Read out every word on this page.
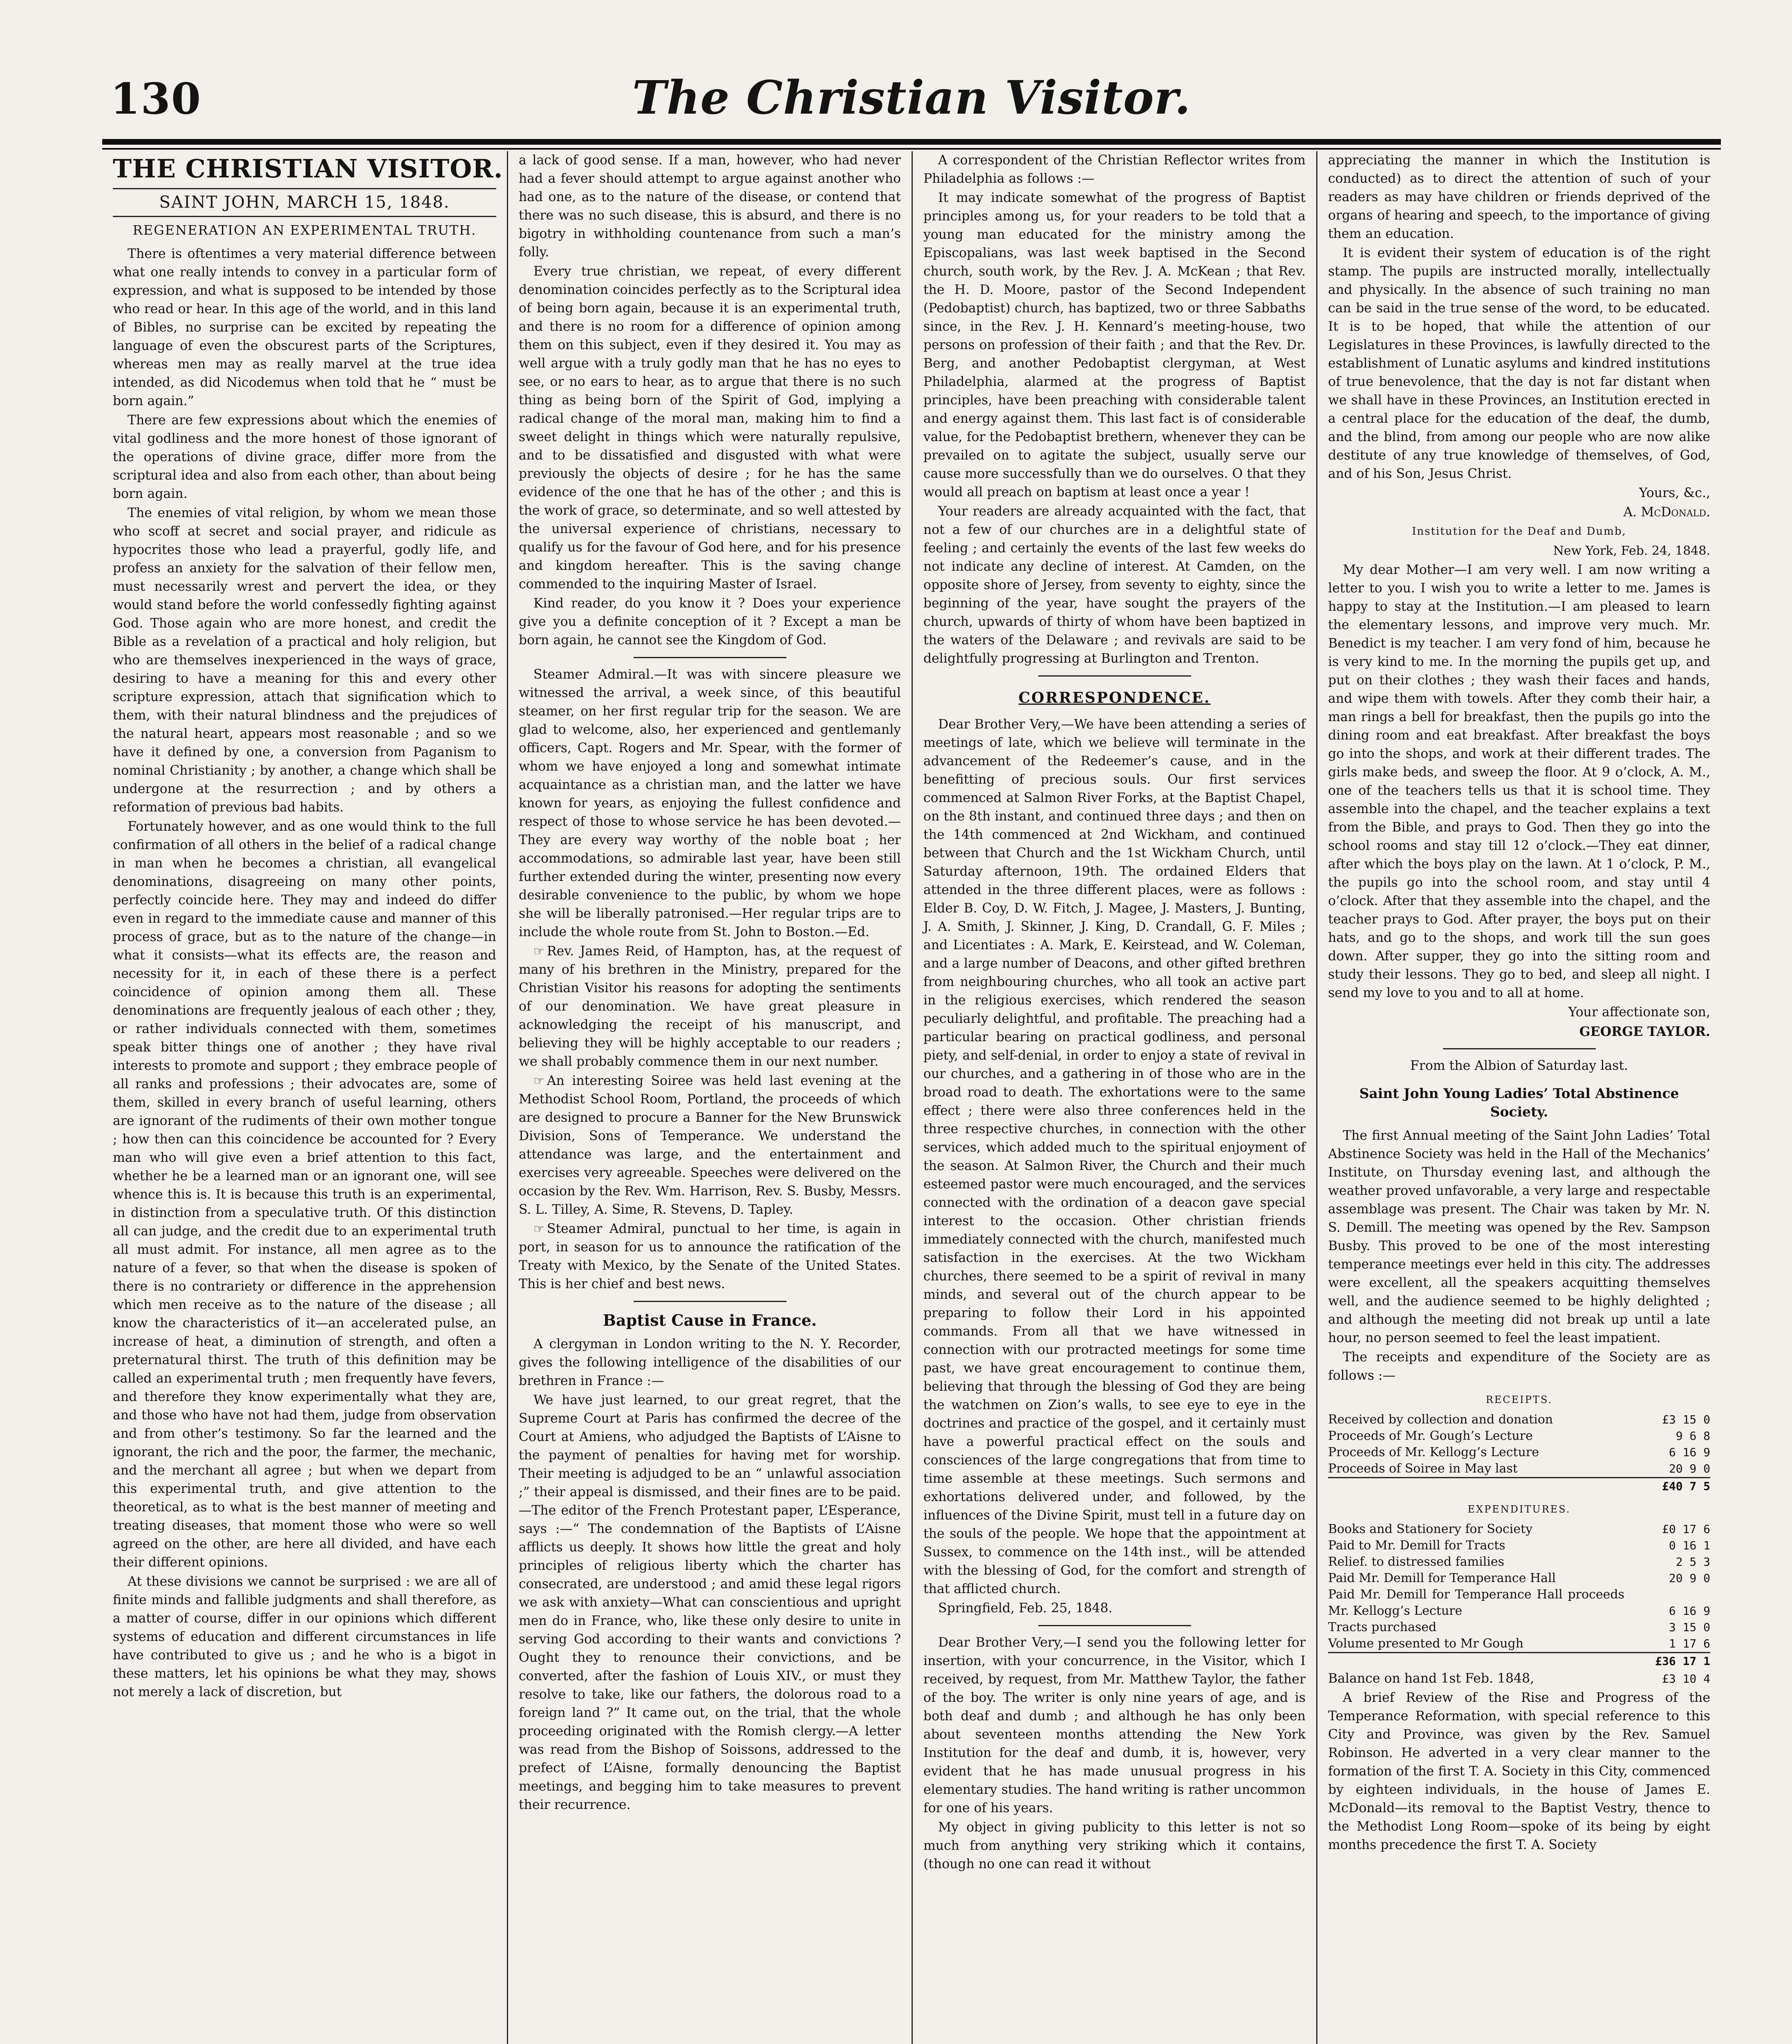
130	The Christian Visitor.
THE CHRISTIAN VISITOR.
SAINT JOHN, MARCH 15, 1848.
REGENERATION AN EXPERIMENTAL TRUTH.

There is oftentimes a very material difference between what one really intends to convey in a particular form of expression, and what is supposed to be intended by those who read or hear. In this age of the world, and in this land of Bibles, no surprise can be excited by repeating the language of even the obscurest parts of the Scriptures, whereas men may as really marvel at the true idea intended, as did Nicodemus when told that he “ must be born again.”

There are few expressions about which the enemies of vital godliness and the more honest of those ignorant of the operations of divine grace, differ more from the scriptural idea and also from each other, than about being born again.

The enemies of vital religion, by whom we mean those who scoff at secret and social prayer, and ridicule as hypocrites those who lead a prayerful, godly life, and profess an anxiety for the salvation of their fellow men, must necessarily wrest and pervert the idea, or they would stand before the world confessedly fighting against God. Those again who are more honest, and credit the Bible as a revelation of a practical and holy religion, but who are themselves inexperienced in the ways of grace, desiring to have a meaning for this and every other scripture expression, attach that signification which to them, with their natural blindness and the prejudices of the natural heart, appears most reasonable ; and so we have it defined by one, a conversion from Paganism to nominal Christianity ; by another, a change which shall be undergone at the resurrection ; and by others a reformation of previous bad habits.

Fortunately however, and as one would think to the full confirmation of all others in the belief of a radical change in man when he becomes a christian, all evangelical denominations, disagreeing on many other points, perfectly coincide here. They may and indeed do differ even in regard to the immediate cause and manner of this process of grace, but as to the nature of the change—in what it consists—what its effects are, the reason and necessity for it, in each of these there is a perfect coincidence of opinion among them all. These denominations are frequently jealous of each other ; they, or rather individuals connected with them, sometimes speak bitter things one of another ; they have rival interests to promote and support ; they embrace people of all ranks and professions ; their advocates are, some of them, skilled in every branch of useful learning, others are ignorant of the rudiments of their own mother tongue ; how then can this coincidence be accounted for ? Every man who will give even a brief attention to this fact, whether he be a learned man or an ignorant one, will see whence this is. It is because this truth is an experimental, in distinction from a speculative truth. Of this distinction all can judge, and the credit due to an experimental truth all must admit. For instance, all men agree as to the nature of a fever, so that when the disease is spoken of there is no contrariety or difference in the apprehension which men receive as to the nature of the disease ; all know the characteristics of it—an accelerated pulse, an increase of heat, a diminution of strength, and often a preternatural thirst. The truth of this definition may be called an experimental truth ; men frequently have fevers, and therefore they know experimentally what they are, and those who have not had them, judge from observation and from other’s testimony. So far the learned and the ignorant, the rich and the poor, the farmer, the mechanic, and the merchant all agree ; but when we depart from this experimental truth, and give attention to the theoretical, as to what is the best manner of meeting and treating diseases, that moment those who were so well agreed on the other, are here all divided, and have each their different opinions.

At these divisions we cannot be surprised : we are all of finite minds and fallible judgments and shall therefore, as a matter of course, differ in our opinions which different systems of education and different circumstances in life have contributed to give us ; and he who is a bigot in these matters, let his opinions be what they may, shows not merely a lack of discretion, but

a lack of good sense. If a man, however, who had never had a fever should attempt to argue against another who had one, as to the nature of the disease, or contend that there was no such disease, this is absurd, and there is no bigotry in withholding countenance from such a man’s folly.

Every true christian, we repeat, of every different denomination coincides perfectly as to the Scriptural idea of being born again, because it is an experimental truth, and there is no room for a difference of opinion among them on this subject, even if they desired it. You may as well argue with a truly godly man that he has no eyes to see, or no ears to hear, as to argue that there is no such thing as being born of the Spirit of God, implying a radical change of the moral man, making him to find a sweet delight in things which were naturally repulsive, and to be dissatisfied and disgusted with what were previously the objects of desire ; for he has the same evidence of the one that he has of the other ; and this is the work of grace, so determinate, and so well attested by the universal experience of christians, necessary to qualify us for the favour of God here, and for his presence and kingdom hereafter. This is the saving change commended to the inquiring Master of Israel.

Kind reader, do you know it ? Does your experience give you a definite conception of it ? Except a man be born again, he cannot see the Kingdom of God.

Steamer Admiral.—It was with sincere pleasure we witnessed the arrival, a week since, of this beautiful steamer, on her first regular trip for the season. We are glad to welcome, also, her experienced and gentlemanly officers, Capt. Rogers and Mr. Spear, with the former of whom we have enjoyed a long and somewhat intimate acquaintance as a christian man, and the latter we have known for years, as enjoying the fullest confidence and respect of those to whose service he has been devoted.—They are every way worthy of the noble boat ; her accommodations, so admirable last year, have been still further extended during the winter, presenting now every desirable convenience to the public, by whom we hope she will be liberally patronised.—Her regular trips are to include the whole route from St. John to Boston.—Ed.

☞ Rev. James Reid, of Hampton, has, at the request of many of his brethren in the Ministry, prepared for the Christian Visitor his reasons for adopting the sentiments of our denomination. We have great pleasure in acknowledging the receipt of his manuscript, and believing they will be highly acceptable to our readers ; we shall probably commence them in our next number.

☞ An interesting Soiree was held last evening at the Methodist School Room, Portland, the proceeds of which are designed to procure a Banner for the New Brunswick Division, Sons of Temperance. We understand the attendance was large, and the entertainment and exercises very agreeable. Speeches were delivered on the occasion by the Rev. Wm. Harrison, Rev. S. Busby, Messrs. S. L. Tilley, A. Sime, R. Stevens, D. Tapley.

☞ Steamer Admiral, punctual to her time, is again in port, in season for us to announce the ratification of the Treaty with Mexico, by the Senate of the United States. This is her chief and best news.

Baptist Cause in France.

A clergyman in London writing to the N. Y. Recorder, gives the following intelligence of the disabilities of our brethren in France :—

We have just learned, to our great regret, that the Supreme Court at Paris has confirmed the decree of the Court at Amiens, who adjudged the Baptists of L’Aisne to the payment of penalties for having met for worship. Their meeting is adjudged to be an “ unlawful association ;” their appeal is dismissed, and their fines are to be paid.—The editor of the French Protestant paper, L’Esperance, says :—“ The condemnation of the Baptists of L’Aisne afflicts us deeply. It shows how little the great and holy principles of religious liberty which the charter has consecrated, are understood ; and amid these legal rigors we ask with anxiety—What can conscientious and upright men do in France, who, like these only desire to unite in serving God according to their wants and convictions ? Ought they to renounce their convictions, and be converted, after the fashion of Louis XIV., or must they resolve to take, like our fathers, the dolorous road to a foreign land ?” It came out, on the trial, that the whole proceeding originated with the Romish clergy.—A letter was read from the Bishop of Soissons, addressed to the prefect of L’Aisne, formally denouncing the Baptist meetings, and begging him to take measures to prevent their recurrence.

A correspondent of the Christian Reflector writes from Philadelphia as follows :—

It may indicate somewhat of the progress of Baptist principles among us, for your readers to be told that a young man educated for the ministry among the Episcopalians, was last week baptised in the Second church, south work, by the Rev. J. A. McKean ; that Rev. the H. D. Moore, pastor of the Second Independent (Pedobaptist) church, has baptized, two or three Sabbaths since, in the Rev. J. H. Kennard’s meeting-house, two persons on profession of their faith ; and that the Rev. Dr. Berg, and another Pedobaptist clergyman, at West Philadelphia, alarmed at the progress of Baptist principles, have been preaching with considerable talent and energy against them. This last fact is of considerable value, for the Pedobaptist brethern, whenever they can be prevailed on to agitate the subject, usually serve our cause more successfully than we do ourselves. O that they would all preach on baptism at least once a year !

Your readers are already acquainted with the fact, that not a few of our churches are in a delightful state of feeling ; and certainly the events of the last few weeks do not indicate any decline of interest. At Camden, on the opposite shore of Jersey, from seventy to eighty, since the beginning of the year, have sought the prayers of the church, upwards of thirty of whom have been baptized in the waters of the Delaware ; and revivals are said to be delightfully progressing at Burlington and Trenton.

CORRESPONDENCE.

Dear Brother Very,—We have been attending a series of meetings of late, which we believe will terminate in the advancement of the Redeemer’s cause, and in the benefitting of precious souls. Our first services commenced at Salmon River Forks, at the Baptist Chapel, on the 8th instant, and continued three days ; and then on the 14th commenced at 2nd Wickham, and continued between that Church and the 1st Wickham Church, until Saturday afternoon, 19th. The ordained Elders that attended in the three different places, were as follows : Elder B. Coy, D. W. Fitch, J. Magee, J. Masters, J. Bunting, J. A. Smith, J. Skinner, J. King, D. Crandall, G. F. Miles ; and Licentiates : A. Mark, E. Keirstead, and W. Coleman, and a large number of Deacons, and other gifted brethren from neighbouring churches, who all took an active part in the religious exercises, which rendered the season peculiarly delightful, and profitable. The preaching had a particular bearing on practical godliness, and personal piety, and self-denial, in order to enjoy a state of revival in our churches, and a gathering in of those who are in the broad road to death. The exhortations were to the same effect ; there were also three conferences held in the three respective churches, in connection with the other services, which added much to the spiritual enjoyment of the season. At Salmon River, the Church and their much esteemed pastor were much encouraged, and the services connected with the ordination of a deacon gave special interest to the occasion. Other christian friends immediately connected with the church, manifested much satisfaction in the exercises. At the two Wickham churches, there seemed to be a spirit of revival in many minds, and several out of the church appear to be preparing to follow their Lord in his appointed commands. From all that we have witnessed in connection with our protracted meetings for some time past, we have great encouragement to continue them, believing that through the blessing of God they are being the watchmen on Zion’s walls, to see eye to eye in the doctrines and practice of the gospel, and it certainly must have a powerful practical effect on the souls and consciences of the large congregations that from time to time assemble at these meetings. Such sermons and exhortations delivered under, and followed, by the influences of the Divine Spirit, must tell in a future day on the souls of the people. We hope that the appointment at Sussex, to commence on the 14th inst., will be attended with the blessing of God, for the comfort and strength of that afflicted church.

Springfield, Feb. 25, 1848.

Dear Brother Very,—I send you the following letter for insertion, with your concurrence, in the Visitor, which I received, by request, from Mr. Matthew Taylor, the father of the boy. The writer is only nine years of age, and is both deaf and dumb ; and although he has only been about seventeen months attending the New York Institution for the deaf and dumb, it is, however, very evident that he has made unusual progress in his elementary studies. The hand writing is rather uncommon for one of his years.

My object in giving publicity to this letter is not so much from anything very striking which it contains, (though no one can read it without

appreciating the manner in which the Institution is conducted) as to direct the attention of such of your readers as may have children or friends deprived of the organs of hearing and speech, to the importance of giving them an education.

It is evident their system of education is of the right stamp. The pupils are instructed morally, intellectually and physically. In the absence of such training no man can be said in the true sense of the word, to be educated. It is to be hoped, that while the attention of our Legislatures in these Provinces, is lawfully directed to the establishment of Lunatic asylums and kindred institutions of true benevolence, that the day is not far distant when we shall have in these Provinces, an Institution erected in a central place for the education of the deaf, the dumb, and the blind, from among our people who are now alike destitute of any true knowledge of themselves, of God, and of his Son, Jesus Christ.

Yours, &c.,

A. McDonald.

Institution for the Deaf and Dumb,

New York, Feb. 24, 1848.

My dear Mother—I am very well. I am now writing a letter to you. I wish you to write a letter to me. James is happy to stay at the Institution.—I am pleased to learn the elementary lessons, and improve very much. Mr. Benedict is my teacher. I am very fond of him, because he is very kind to me. In the morning the pupils get up, and put on their clothes ; they wash their faces and hands, and wipe them with towels. After they comb their hair, a man rings a bell for breakfast, then the pupils go into the dining room and eat breakfast. After breakfast the boys go into the shops, and work at their different trades. The girls make beds, and sweep the floor. At 9 o’clock, A. M., one of the teachers tells us that it is school time. They assemble into the chapel, and the teacher explains a text from the Bible, and prays to God. Then they go into the school rooms and stay till 12 o’clock.—They eat dinner, after which the boys play on the lawn. At 1 o’clock, P. M., the pupils go into the school room, and stay until 4 o’clock. After that they assemble into the chapel, and the teacher prays to God. After prayer, the boys put on their hats, and go to the shops, and work till the sun goes down. After supper, they go into the sitting room and study their lessons. They go to bed, and sleep all night. I send my love to you and to all at home.

Your affectionate son,

GEORGE TAYLOR.

From the Albion of Saturday last.

Saint John Young Ladies’ Total Abstinence Society.

The first Annual meeting of the Saint John Ladies’ Total Abstinence Society was held in the Hall of the Mechanics’ Institute, on Thursday evening last, and although the weather proved unfavorable, a very large and respectable assemblage was present. The Chair was taken by Mr. N. S. Demill. The meeting was opened by the Rev. Sampson Busby. This proved to be one of the most interesting temperance meetings ever held in this city. The addresses were excellent, all the speakers acquitting themselves well, and the audience seemed to be highly delighted ; and although the meeting did not break up until a late hour, no person seemed to feel the least impatient.

The receipts and expenditure of the Society are as follows :—

RECEIPTS.
Received by collection and donation	£3 15 0
Proceeds of Mr. Gough’s Lecture	9 6 8
Proceeds of Mr. Kellogg’s Lecture	6 16 9
Proceeds of Soiree in May last	20 9 0
	£40 7 5
EXPENDITURES.
Books and Stationery for Society	£0 17 6
Paid to Mr. Demill for Tracts	0 16 1
Relief. to distressed families	2 5 3
Paid Mr. Demill for Temperance Hall	20 9 0
Paid Mr. Demill for Temperance Hall proceeds Mr. Kellogg’s Lecture	6 16 9
Tracts purchased	3 15 0
Volume presented to Mr Gough	1 17 6
	£36 17 1

Balance on hand 1st Feb. 1848,	£3 10 4

A brief Review of the Rise and Progress of the Temperance Reformation, with special reference to this City and Province, was given by the Rev. Samuel Robinson. He adverted in a very clear manner to the formation of the first T. A. Society in this City, commenced by eighteen individuals, in the house of James E. McDonald—its removal to the Baptist Vestry, thence to the Methodist Long Room—spoke of its being by eight months precedence the first T. A. Society
